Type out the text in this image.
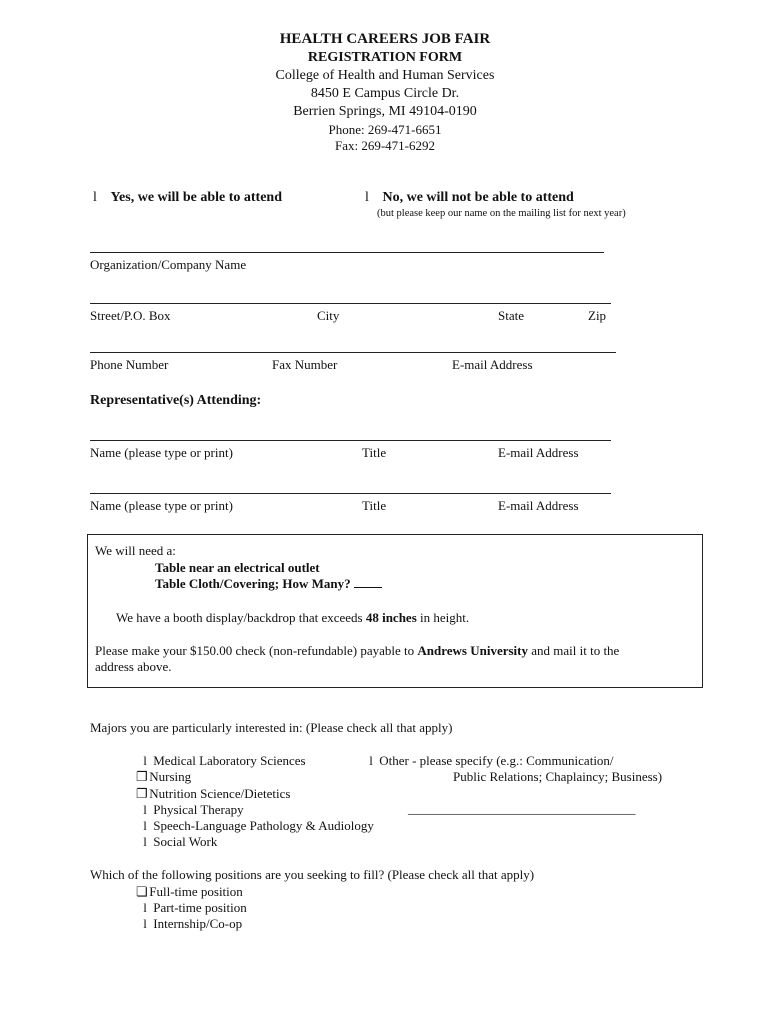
HEALTH CAREERS JOB FAIR
REGISTRATION FORM
College of Health and Human Services
8450 E Campus Circle Dr.
Berrien Springs, MI 49104-0190
Phone: 269-471-6651
Fax: 269-471-6292
l Yes, we will be able to attend	l No, we will not be able to attend
(but please keep our name on the mailing list for next year)
Organization/Company Name
Street/P.O. Box	City	State	Zip
Phone Number	Fax Number	E-mail Address
Representative(s) Attending:
Name (please type or print)	Title	E-mail Address
Name (please type or print)	Title	E-mail Address
We will need a:
Table near an electrical outlet
Table Cloth/Covering; How Many?
We have a booth display/backdrop that exceeds 48 inches in height.
Please make your $150.00 check (non-refundable) payable to Andrews University and mail it to the
address above.
Majors you are particularly interested in: (Please check all that apply)
l Medical Laboratory Sciences
❐ Nursing
❐ Nutrition Science/Dietetics
l Physical Therapy
l Speech-Language Pathology & Audiology
l Social Work
l Other - please specify (e.g.: Communication/
Public Relations; Chaplaincy; Business)
___________________________________
Which of the following positions are you seeking to fill? (Please check all that apply)
❏ Full-time position
l Part-time position
l Internship/Co-op
